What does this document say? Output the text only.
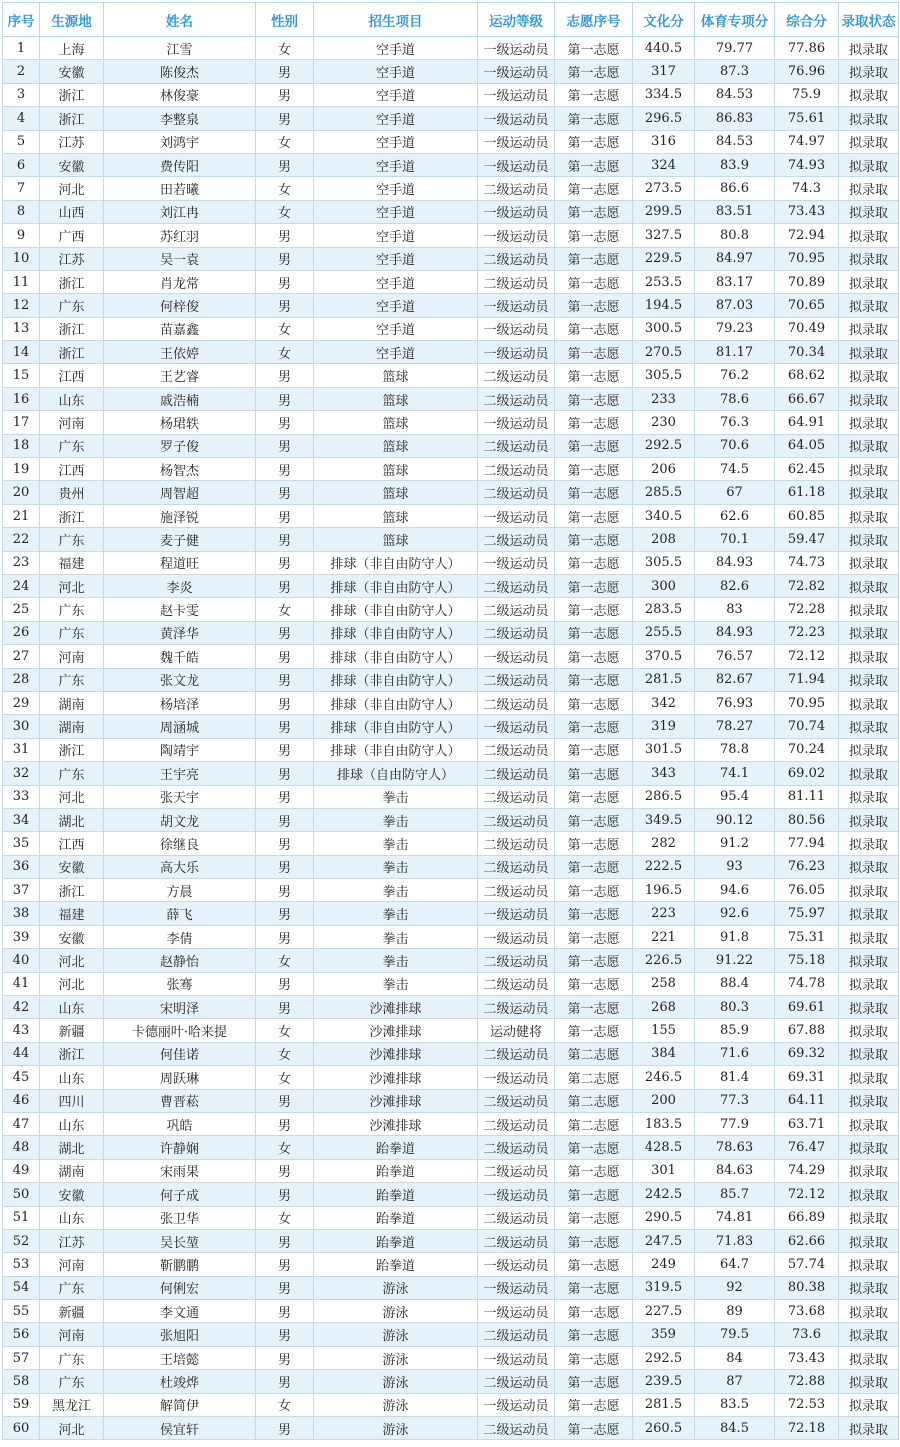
序号	生源地	姓名	性别	招生项目	运动等级	志愿序号	文化分	体育专项分	综合分	录取状态
1	上海	江雪	女	空手道	一级运动员	第一志愿	440.5	79.77	77.86	拟录取
2	安徽	陈俊杰	男	空手道	一级运动员	第一志愿	317	87.3	76.96	拟录取
3	浙江	林俊豪	男	空手道	一级运动员	第一志愿	334.5	84.53	75.9	拟录取
4	浙江	李整泉	男	空手道	一级运动员	第一志愿	296.5	86.83	75.61	拟录取
5	江苏	刘鸿宇	女	空手道	一级运动员	第一志愿	316	84.53	74.97	拟录取
6	安徽	费传阳	男	空手道	一级运动员	第一志愿	324	83.9	74.93	拟录取
7	河北	田若曦	女	空手道	二级运动员	第一志愿	273.5	86.6	74.3	拟录取
8	山西	刘江冉	女	空手道	一级运动员	第一志愿	299.5	83.51	73.43	拟录取
9	广西	苏红羽	男	空手道	一级运动员	第一志愿	327.5	80.8	72.94	拟录取
10	江苏	吴一袁	男	空手道	二级运动员	第一志愿	229.5	84.97	70.95	拟录取
11	浙江	肖龙常	男	空手道	二级运动员	第一志愿	253.5	83.17	70.89	拟录取
12	广东	何梓俊	男	空手道	一级运动员	第一志愿	194.5	87.03	70.65	拟录取
13	浙江	苗嘉鑫	女	空手道	一级运动员	第一志愿	300.5	79.23	70.49	拟录取
14	浙江	王依婷	女	空手道	一级运动员	第一志愿	270.5	81.17	70.34	拟录取
15	江西	王艺睿	男	篮球	二级运动员	第一志愿	305.5	76.2	68.62	拟录取
16	山东	戚浩楠	男	篮球	二级运动员	第一志愿	233	78.6	66.67	拟录取
17	河南	杨珺轶	男	篮球	一级运动员	第一志愿	230	76.3	64.91	拟录取
18	广东	罗子俊	男	篮球	二级运动员	第一志愿	292.5	70.6	64.05	拟录取
19	江西	杨智杰	男	篮球	二级运动员	第一志愿	206	74.5	62.45	拟录取
20	贵州	周智超	男	篮球	二级运动员	第一志愿	285.5	67	61.18	拟录取
21	浙江	施泽锐	男	篮球	一级运动员	第一志愿	340.5	62.6	60.85	拟录取
22	广东	麦子健	男	篮球	二级运动员	第一志愿	208	70.1	59.47	拟录取
23	福建	程道旺	男	排球（非自由防守人）	一级运动员	第一志愿	305.5	84.93	74.73	拟录取
24	河北	李炎	男	排球（非自由防守人）	二级运动员	第一志愿	300	82.6	72.82	拟录取
25	广东	赵卡雯	女	排球（非自由防守人）	二级运动员	第一志愿	283.5	83	72.28	拟录取
26	广东	黄泽华	男	排球（非自由防守人）	二级运动员	第一志愿	255.5	84.93	72.23	拟录取
27	河南	魏千皓	男	排球（非自由防守人）	一级运动员	第一志愿	370.5	76.57	72.12	拟录取
28	广东	张文龙	男	排球（非自由防守人）	二级运动员	第一志愿	281.5	82.67	71.94	拟录取
29	湖南	杨培泽	男	排球（非自由防守人）	二级运动员	第一志愿	342	76.93	70.95	拟录取
30	湖南	周涵城	男	排球（非自由防守人）	一级运动员	第一志愿	319	78.27	70.74	拟录取
31	浙江	陶靖宇	男	排球（非自由防守人）	二级运动员	第一志愿	301.5	78.8	70.24	拟录取
32	广东	王宇亮	男	排球（自由防守人）	二级运动员	第一志愿	343	74.1	69.02	拟录取
33	河北	张天宇	男	拳击	二级运动员	第一志愿	286.5	95.4	81.11	拟录取
34	湖北	胡文龙	男	拳击	二级运动员	第一志愿	349.5	90.12	80.56	拟录取
35	江西	徐继良	男	拳击	二级运动员	第一志愿	282	91.2	77.94	拟录取
36	安徽	高大乐	男	拳击	二级运动员	第一志愿	222.5	93	76.23	拟录取
37	浙江	方晨	男	拳击	二级运动员	第一志愿	196.5	94.6	76.05	拟录取
38	福建	薛飞	男	拳击	一级运动员	第一志愿	223	92.6	75.97	拟录取
39	安徽	李倩	男	拳击	一级运动员	第一志愿	221	91.8	75.31	拟录取
40	河北	赵静怡	女	拳击	二级运动员	第一志愿	226.5	91.22	75.18	拟录取
41	河北	张骞	男	拳击	二级运动员	第一志愿	258	88.4	74.78	拟录取
42	山东	宋明泽	男	沙滩排球	二级运动员	第一志愿	268	80.3	69.61	拟录取
43	新疆	卡德丽叶·哈来提	女	沙滩排球	运动健将	第一志愿	155	85.9	67.88	拟录取
44	浙江	何佳诺	女	沙滩排球	二级运动员	第二志愿	384	71.6	69.32	拟录取
45	山东	周跃琳	女	沙滩排球	一级运动员	第二志愿	246.5	81.4	69.31	拟录取
46	四川	曹晋菘	男	沙滩排球	二级运动员	第二志愿	200	77.3	64.11	拟录取
47	山东	巩皓	男	沙滩排球	二级运动员	第二志愿	183.5	77.9	63.71	拟录取
48	湖北	许静娴	女	跆拳道	二级运动员	第一志愿	428.5	78.63	76.47	拟录取
49	湖南	宋雨果	男	跆拳道	二级运动员	第一志愿	301	84.63	74.29	拟录取
50	安徽	何子成	男	跆拳道	一级运动员	第一志愿	242.5	85.7	72.12	拟录取
51	山东	张卫华	女	跆拳道	二级运动员	第一志愿	290.5	74.81	66.89	拟录取
52	江苏	吴长堃	男	跆拳道	二级运动员	第一志愿	247.5	71.83	62.66	拟录取
53	河南	靳鹏鹏	男	跆拳道	一级运动员	第一志愿	249	64.7	57.74	拟录取
54	广东	何俐宏	男	游泳	一级运动员	第一志愿	319.5	92	80.38	拟录取
55	新疆	李文通	男	游泳	一级运动员	第一志愿	227.5	89	73.68	拟录取
56	河南	张旭阳	男	游泳	二级运动员	第一志愿	359	79.5	73.6	拟录取
57	广东	王培懿	男	游泳	一级运动员	第一志愿	292.5	84	73.43	拟录取
58	广东	杜竣烨	男	游泳	二级运动员	第一志愿	239.5	87	72.88	拟录取
59	黑龙江	解简伊	女	游泳	一级运动员	第一志愿	281.5	83.5	72.53	拟录取
60	河北	侯宜轩	男	游泳	二级运动员	第一志愿	260.5	84.5	72.18	拟录取
